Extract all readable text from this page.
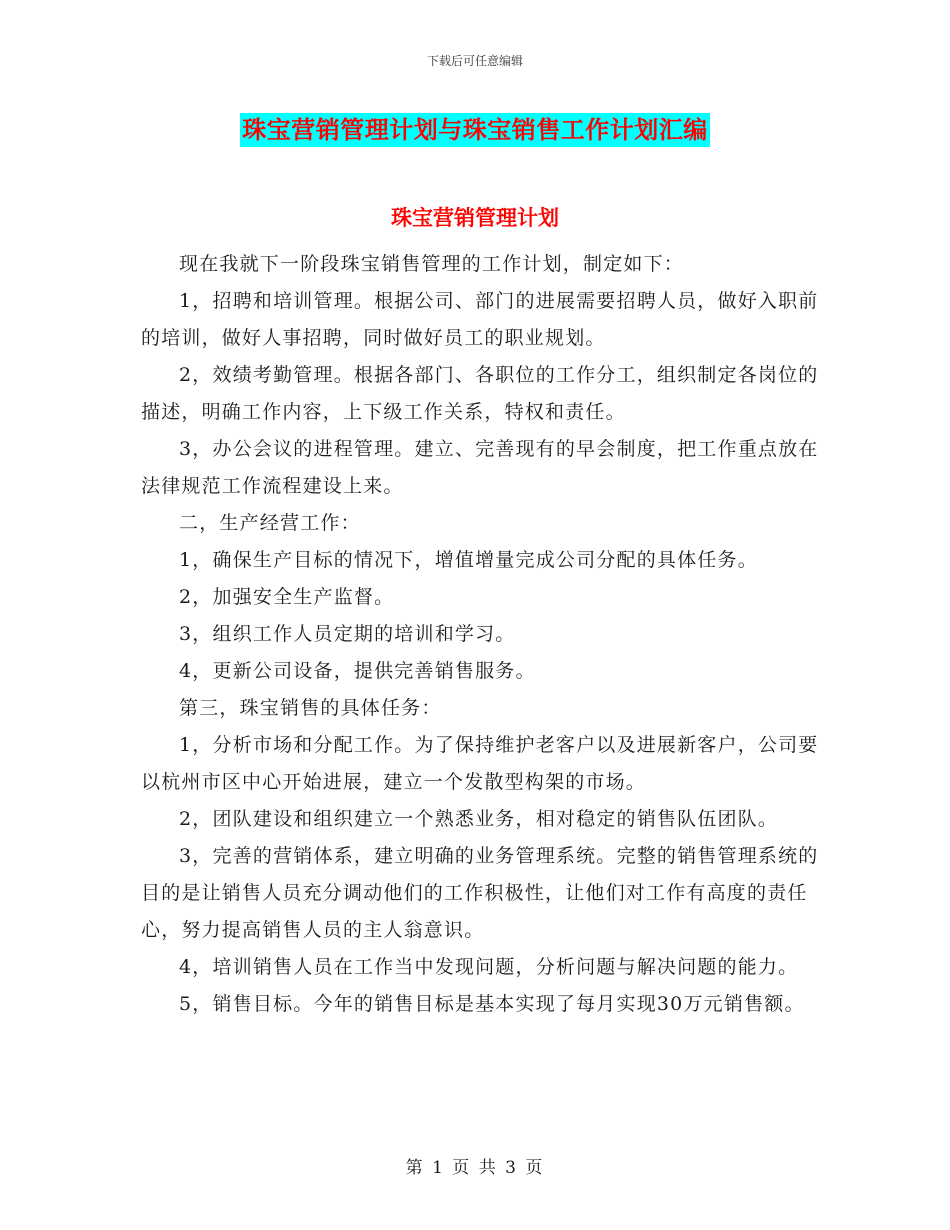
下载后可任意编辑
珠宝营销管理计划与珠宝销售工作计划汇编
珠宝营销管理计划

现在我就下一阶段珠宝销售管理的工作计划，制定如下：

1，招聘和培训管理。根据公司、部门的进展需要招聘人员，做好入职前的培训，做好人事招聘，同时做好员工的职业规划。

2，效绩考勤管理。根据各部门、各职位的工作分工，组织制定各岗位的描述，明确工作内容，上下级工作关系，特权和责任。

3，办公会议的进程管理。建立、完善现有的早会制度，把工作重点放在法律规范工作流程建设上来。

二，生产经营工作：

1，确保生产目标的情况下，增值增量完成公司分配的具体任务。

2，加强安全生产监督。

3，组织工作人员定期的培训和学习。

4，更新公司设备，提供完善销售服务。

第三，珠宝销售的具体任务：

1，分析市场和分配工作。为了保持维护老客户以及进展新客户，公司要以杭州市区中心开始进展，建立一个发散型构架的市场。

2，团队建设和组织建立一个熟悉业务，相对稳定的销售队伍团队。

3，完善的营销体系，建立明确的业务管理系统。完整的销售管理系统的目的是让销售人员充分调动他们的工作积极性，让他们对工作有高度的责任心，努力提高销售人员的主人翁意识。

4，培训销售人员在工作当中发现问题，分析问题与解决问题的能力。

5，销售目标。今年的销售目标是基本实现了每月实现30万元销售额。

第 1 页 共 3 页
